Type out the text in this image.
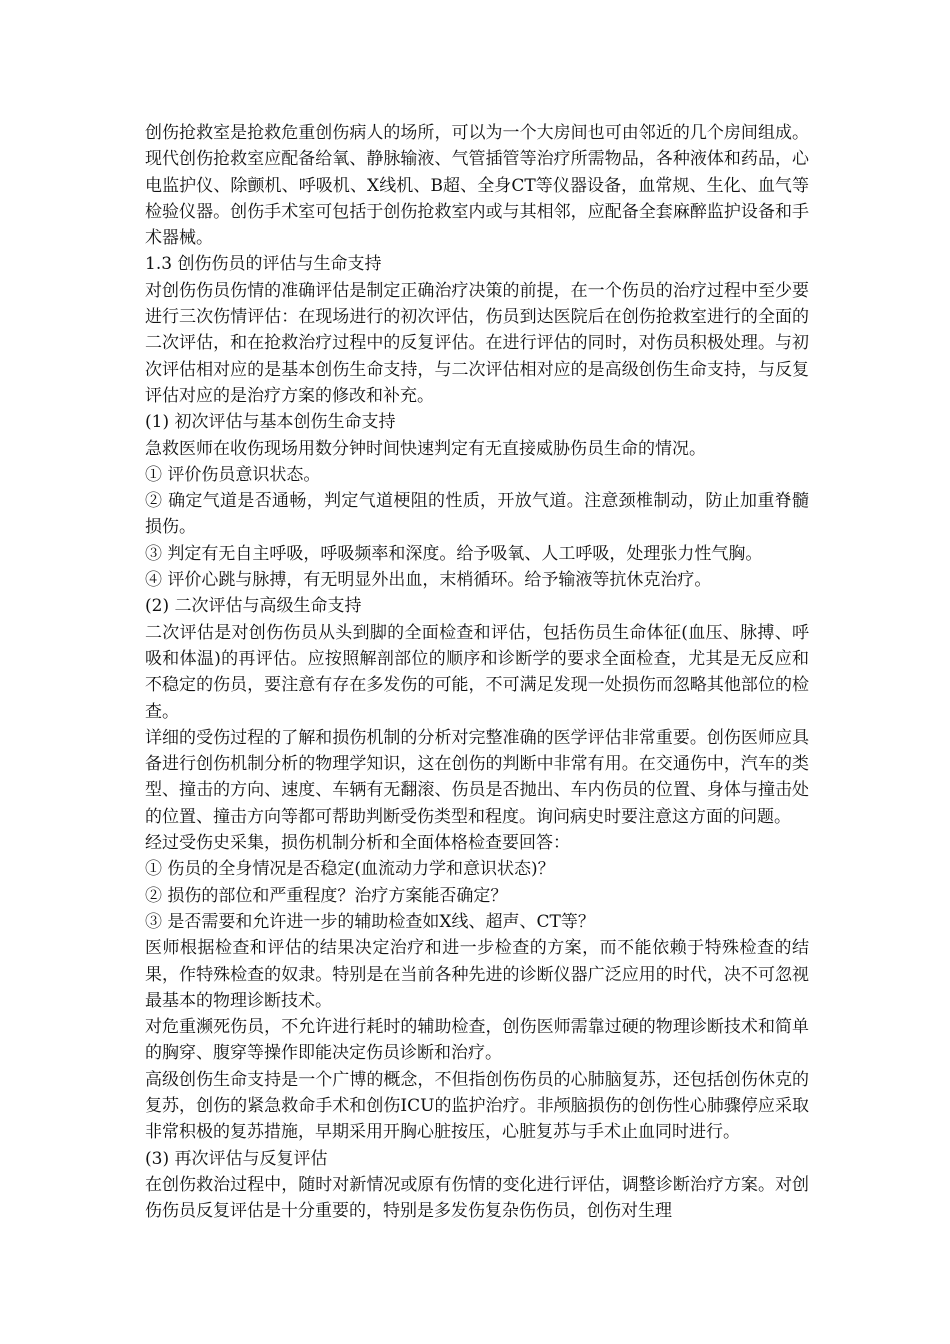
创伤抢救室是抢救危重创伤病人的场所，可以为一个大房间也可由邻近的几个房间组成。现代创伤抢救室应配备给氧、静脉输液、气管插管等治疗所需物品，各种液体和药品，心电监护仪、除颤机、呼吸机、X线机、B超、全身CT等仪器设备，血常规、生化、血气等检验仪器。创伤手术室可包括于创伤抢救室内或与其相邻，应配备全套麻醉监护设备和手术器械。

1.3 创伤伤员的评估与生命支持

对创伤伤员伤情的准确评估是制定正确治疗决策的前提，在一个伤员的治疗过程中至少要进行三次伤情评估：在现场进行的初次评估，伤员到达医院后在创伤抢救室进行的全面的二次评估，和在抢救治疗过程中的反复评估。在进行评估的同时，对伤员积极处理。与初次评估相对应的是基本创伤生命支持，与二次评估相对应的是高级创伤生命支持，与反复评估对应的是治疗方案的修改和补充。

(1) 初次评估与基本创伤生命支持

急救医师在收伤现场用数分钟时间快速判定有无直接威胁伤员生命的情况。

① 评价伤员意识状态。

② 确定气道是否通畅，判定气道梗阻的性质，开放气道。注意颈椎制动，防止加重脊髓损伤。

③ 判定有无自主呼吸，呼吸频率和深度。给予吸氧、人工呼吸，处理张力性气胸。

④ 评价心跳与脉搏，有无明显外出血，末梢循环。给予输液等抗休克治疗。

(2) 二次评估与高级生命支持

二次评估是对创伤伤员从头到脚的全面检查和评估，包括伤员生命体征(血压、脉搏、呼吸和体温)的再评估。应按照解剖部位的顺序和诊断学的要求全面检查，尤其是无反应和不稳定的伤员，要注意有存在多发伤的可能，不可满足发现一处损伤而忽略其他部位的检查。

详细的受伤过程的了解和损伤机制的分析对完整准确的医学评估非常重要。创伤医师应具备进行创伤机制分析的物理学知识，这在创伤的判断中非常有用。在交通伤中，汽车的类型、撞击的方向、速度、车辆有无翻滚、伤员是否抛出、车内伤员的位置、身体与撞击处的位置、撞击方向等都可帮助判断受伤类型和程度。询问病史时要注意这方面的问题。

经过受伤史采集，损伤机制分析和全面体格检查要回答：

① 伤员的全身情况是否稳定(血流动力学和意识状态)？

② 损伤的部位和严重程度？治疗方案能否确定？

③ 是否需要和允许进一步的辅助检查如X线、超声、CT等？

医师根据检查和评估的结果决定治疗和进一步检查的方案，而不能依赖于特殊检查的结果，作特殊检查的奴隶。特别是在当前各种先进的诊断仪器广泛应用的时代，决不可忽视最基本的物理诊断技术。

对危重濒死伤员，不允许进行耗时的辅助检查，创伤医师需靠过硬的物理诊断技术和简单的胸穿、腹穿等操作即能决定伤员诊断和治疗。

高级创伤生命支持是一个广博的概念，不但指创伤伤员的心肺脑复苏，还包括创伤休克的复苏，创伤的紧急救命手术和创伤ICU的监护治疗。非颅脑损伤的创伤性心肺骤停应采取非常积极的复苏措施，早期采用开胸心脏按压，心脏复苏与手术止血同时进行。

(3) 再次评估与反复评估

在创伤救治过程中，随时对新情况或原有伤情的变化进行评估，调整诊断治疗方案。对创伤伤员反复评估是十分重要的，特别是多发伤复杂伤伤员，创伤对生理
